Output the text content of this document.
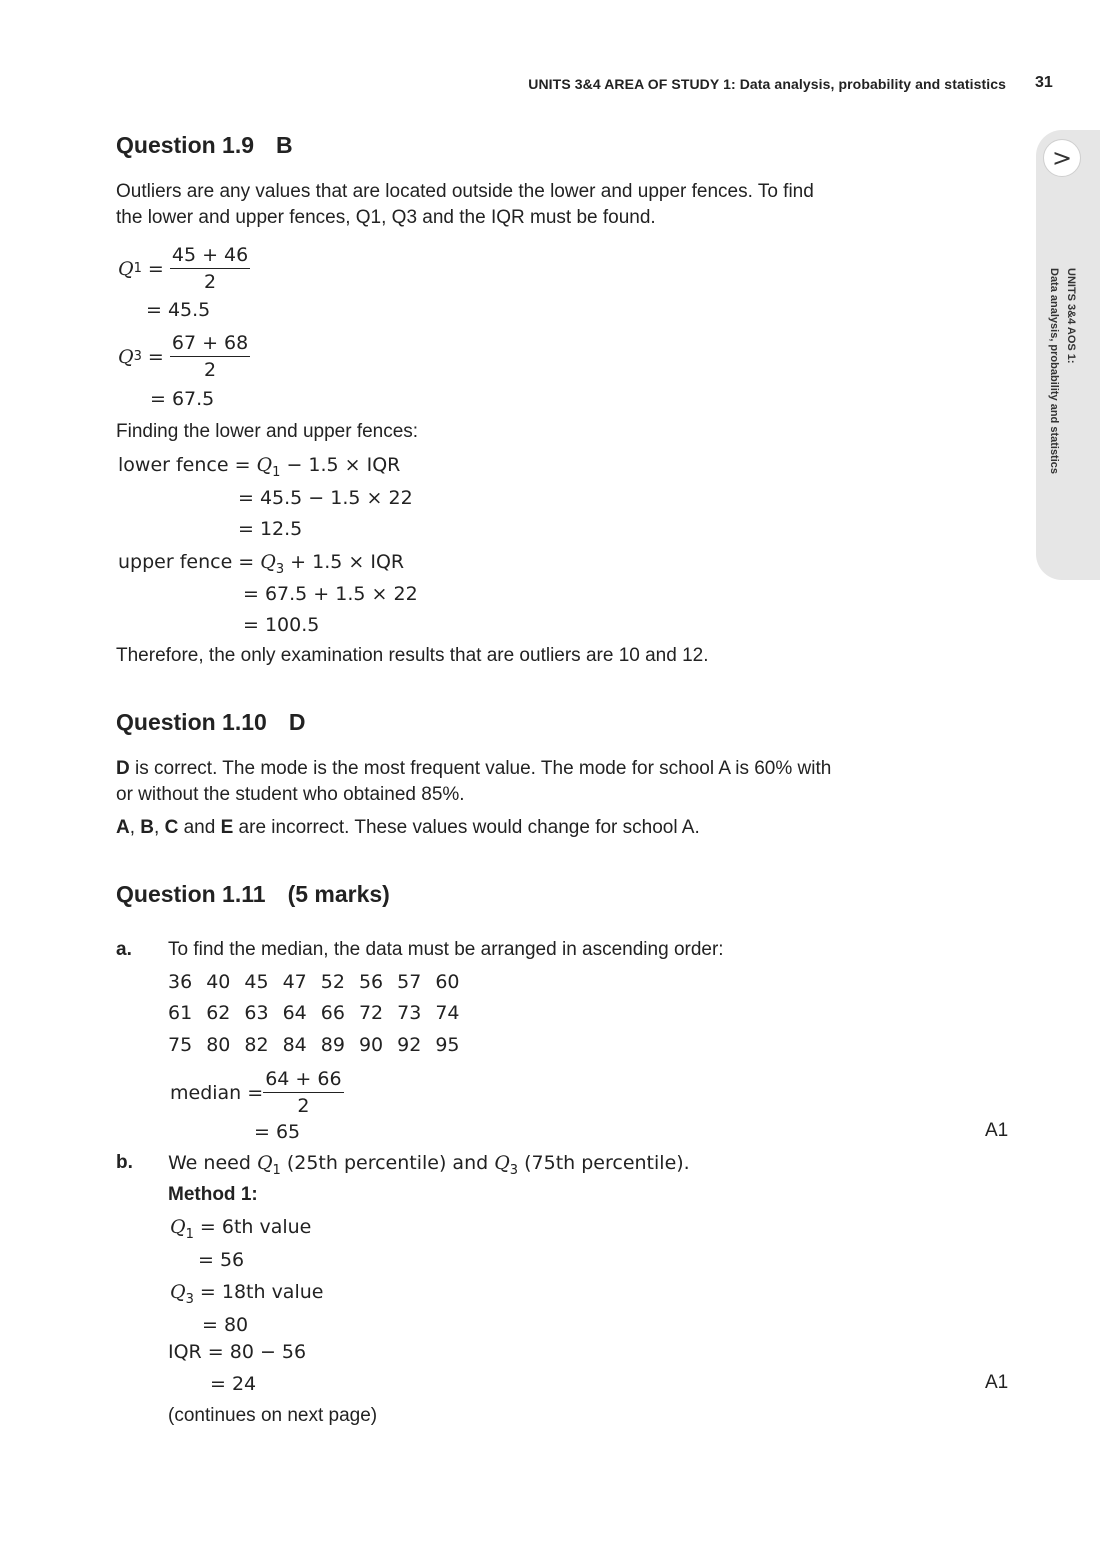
UNITS 3&4 AREA OF STUDY 1: Data analysis, probability and statistics 31
>
UNITS 3&4 AOS 1:
Data analysis, probability and statistics
Question 1.9 B
Outliers are any values that are located outside the lower and upper fences. To find
the lower and upper fences, Q1, Q3 and the IQR must be found.
Q $1 = \frac{45 + 46}{2}$
= 45.5
Q $3 = \frac{67 + 68}{2}$
= 67.5
Finding the lower and upper fences:
lower fence = $Q_1 - 1.5$ × IQR
= 45.5 − 1.5 × 22
= 12.5
upper fence = $Q_3 + 1.5$ × IQR
= 67.5 + 1.5 × 22
= 100.5
Therefore, the only examination results that are outliers are 10 and 12.
Question 1.10 D
D is correct. The mode is the most frequent value. The mode for school A is 60% with
or without the student who obtained 85%.
A, B, C and E are incorrect. These values would change for school A.
Question 1.11 (5 marks)
a. To find the median, the data must be arranged in ascending order:
36 40 45 47 52 56 57 60
61 62 63 64 66 72 73 74
75 80 82 84 89 90 92 95
median = $\frac{64 + 66}{2}$
= 65	A1
b. We need $Q_1$ (25th percentile) and $Q_3$ (75th percentile).
Method 1:
$Q_1 = 6th$ value
= 56
$Q_3 = 18th$ value
= 80
IQR = 80 − 56
= 24	A1
(continues on next page)
